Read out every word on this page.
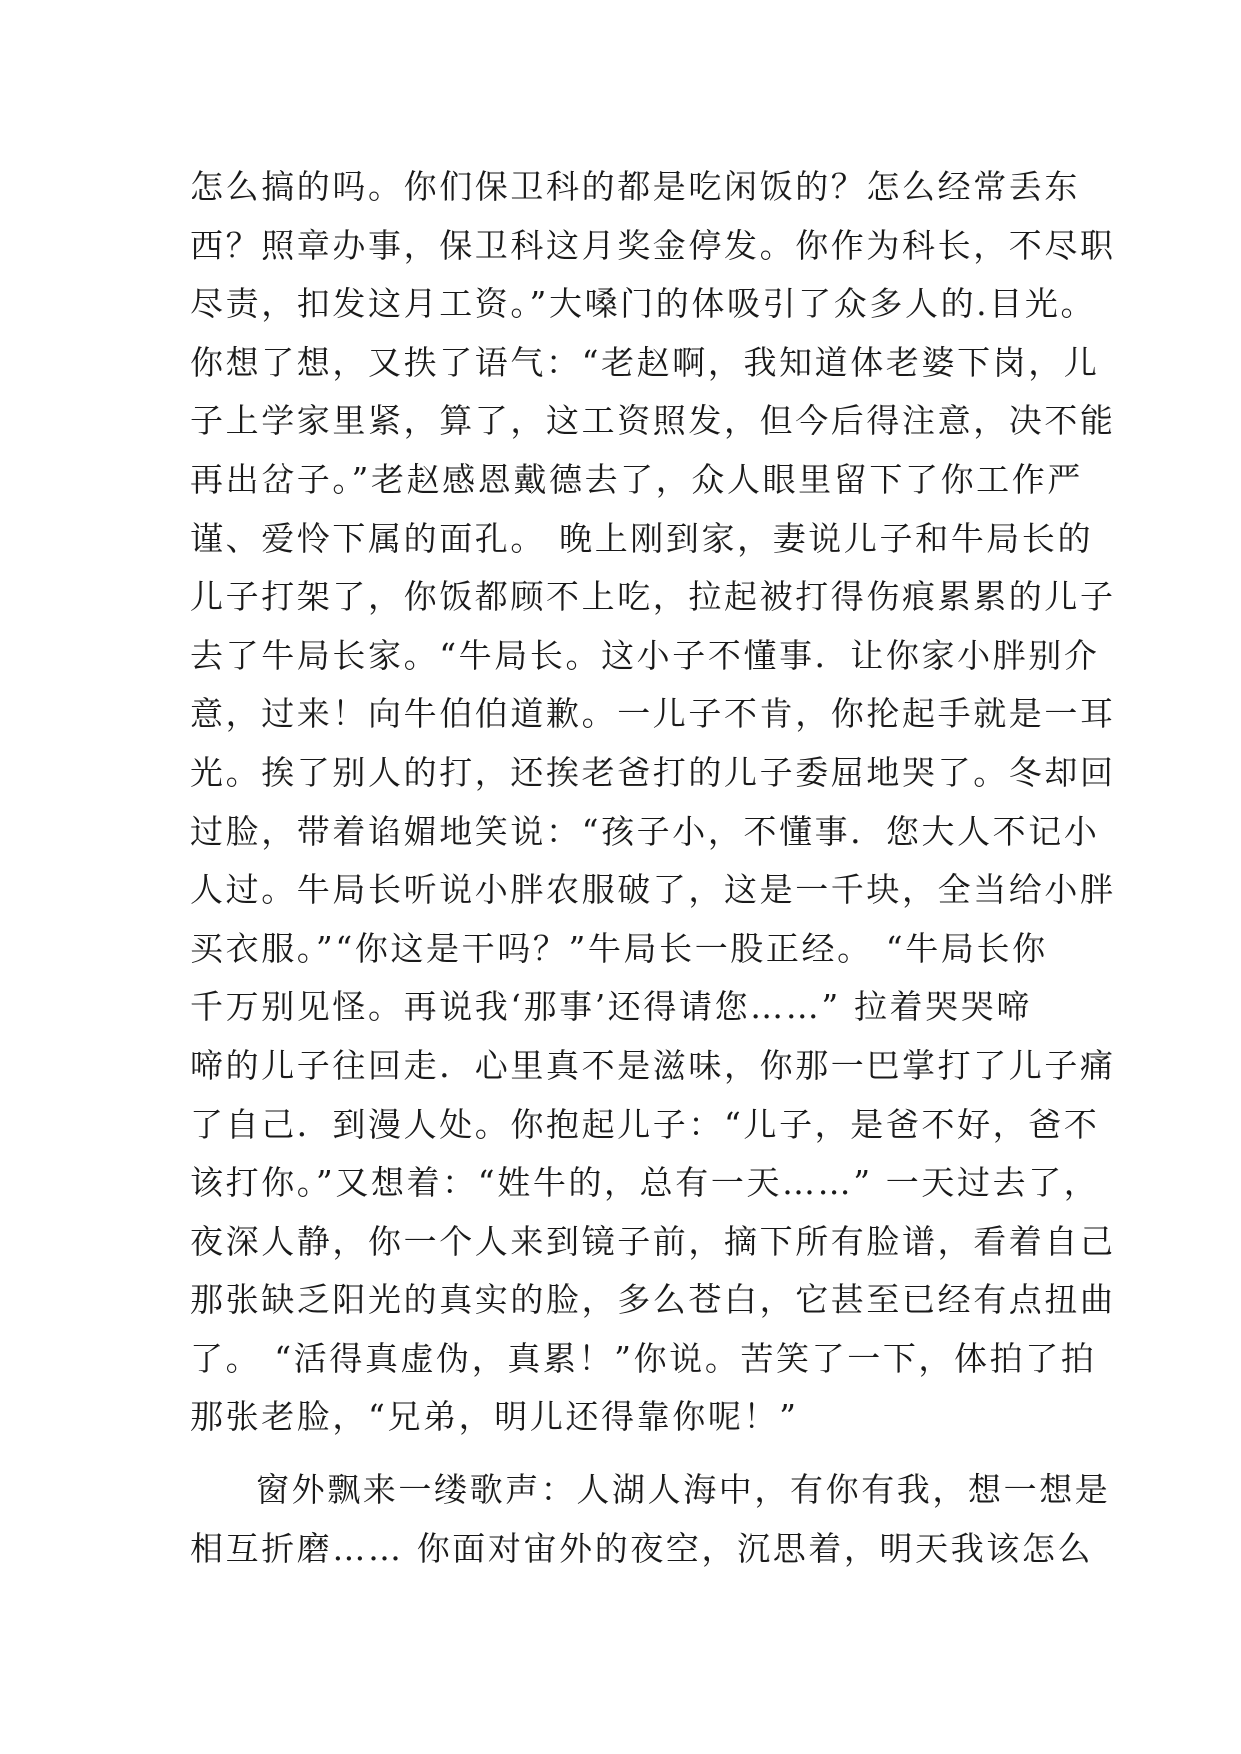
怎么搞的吗。你们保卫科的都是吃闲饭的？怎么经常丢东
西？照章办事，保卫科这月奖金停发。你作为科长，不尽职
尽责，扣发这月工资。”大嗓门的体吸引了众多人的.目光。
你想了想，又抶了语气：“老赵啊，我知道体老婆下岗，儿
子上学家里紧，算了，这工资照发，但今后得注意，决不能
再出岔子。”老赵感恩戴德去了，众人眼里留下了你工作严
谨、爱怜下属的面孔。 晚上刚到家，妻说儿子和牛局长的
儿子打架了，你饭都顾不上吃，拉起被打得伤痕累累的儿子
去了牛局长家。“牛局长。这小子不懂事．让你家小胖别介
意，过来！向牛伯伯道歉。一儿子不肯，你抡起手就是一耳
光。挨了别人的打，还挨老爸打的儿子委屈地哭了。冬却回
过脸，带着谄媚地笑说：“孩子小，不懂事．您大人不记小
人过。牛局长听说小胖农服破了，这是一千块，全当给小胖
买衣服。”“你这是干吗？”牛局长一股正经。 “牛局长你
千万别见怪。再说我‘那事’还得请您……” 拉着哭哭啼
啼的儿子往回走．心里真不是滋味，你那一巴掌打了儿子痛
了自己．到漫人处。你抱起儿子：“儿子，是爸不好，爸不
该打你。”又想着：“姓牛的，总有一天……” 一天过去了，
夜深人静，你一个人来到镜子前，摘下所有脸谱，看着自己
那张缺乏阳光的真实的脸，多么苍白，它甚至已经有点扭曲
了。 “活得真虚伪，真累！”你说。苦笑了一下，体拍了拍
那张老脸，“兄弟，明儿还得靠你呢！”
窗外飘来一缕歌声：人湖人海中，有你有我，想一想是
相互折磨…… 你面对宙外的夜空，沉思着，明天我该怎么
